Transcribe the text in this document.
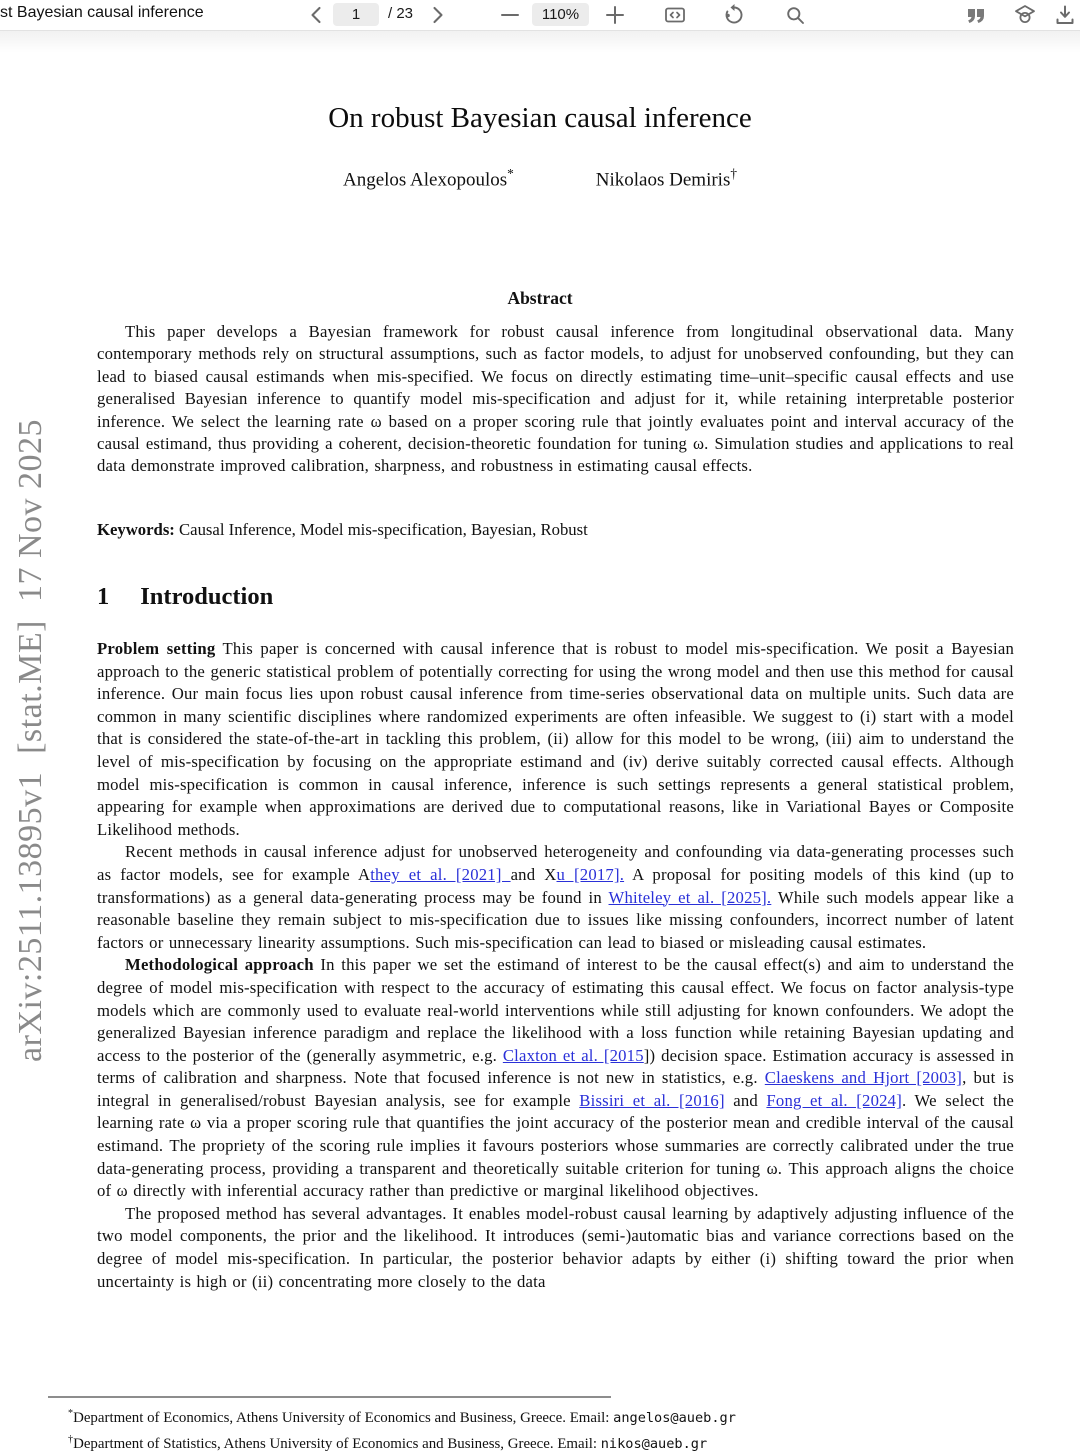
st Bayesian causal inference
1	/ 23	110%
arXiv:2511.13895v1  [stat.ME]  17 Nov 2025
On robust Bayesian causal inference
Angelos Alexopoulos*	Nikolaos Demiris†
Abstract
This paper develops a Bayesian framework for robust causal inference from longitudinal observational data. Many contemporary methods rely on structural assumptions, such as factor models, to adjust for unobserved confounding, but they can lead to biased causal estimands when mis-specified. We focus on directly estimating time–unit–specific causal effects and use generalised Bayesian inference to quantify model mis-specification and adjust for it, while retaining interpretable posterior inference. We select the learning rate ω based on a proper scoring rule that jointly evaluates point and interval accuracy of the causal estimand, thus providing a coherent, decision-theoretic foundation for tuning ω. Simulation studies and applications to real data demonstrate improved calibration, sharpness, and robustness in estimating causal effects.
Keywords: Causal Inference, Model mis-specification, Bayesian, Robust
1 Introduction

Problem setting This paper is concerned with causal inference that is robust to model mis-specification. We posit a Bayesian approach to the generic statistical problem of potentially correcting for using the wrong model and then use this method for causal inference. Our main focus lies upon robust causal inference from time-series observational data on multiple units. Such data are common in many scientific disciplines where randomized experiments are often infeasible. We suggest to (i) start with a model that is considered the state-of-the-art in tackling this problem, (ii) allow for this model to be wrong, (iii) aim to understand the level of mis-specification by focusing on the appropriate estimand and (iv) derive suitably corrected causal effects. Although model mis-specification is common in causal inference, inference is such settings represents a general statistical problem, appearing for example when approximations are derived due to computational reasons, like in Variational Bayes or Composite Likelihood methods.

Recent methods in causal inference adjust for unobserved heterogeneity and confounding via data-generating processes such as factor models, see for example Athey et al. [2021] and Xu [2017]. A proposal for positing models of this kind (up to transformations) as a general data-generating process may be found in Whiteley et al. [2025]. While such models appear like a reasonable baseline they remain subject to mis-specification due to issues like missing confounders, incorrect number of latent factors or unnecessary linearity assumptions. Such mis-specification can lead to biased or misleading causal estimates.

Methodological approach In this paper we set the estimand of interest to be the causal effect(s) and aim to understand the degree of model mis-specification with respect to the accuracy of estimating this causal effect. We focus on factor analysis-type models which are commonly used to evaluate real-world interventions while still adjusting for known confounders. We adopt the generalized Bayesian inference paradigm and replace the likelihood with a loss function while retaining Bayesian updating and access to the posterior of the (generally asymmetric, e.g. Claxton et al. [2015]) decision space. Estimation accuracy is assessed in terms of calibration and sharpness. Note that focused inference is not new in statistics, e.g. Claeskens and Hjort [2003], but is integral in generalised/robust Bayesian analysis, see for example Bissiri et al. [2016] and Fong et al. [2024]. We select the learning rate ω via a proper scoring rule that quantifies the joint accuracy of the posterior mean and credible interval of the causal estimand. The propriety of the scoring rule implies it favours posteriors whose summaries are correctly calibrated under the true data-generating process, providing a transparent and theoretically suitable criterion for tuning ω. This approach aligns the choice of ω directly with inferential accuracy rather than predictive or marginal likelihood objectives.

The proposed method has several advantages. It enables model-robust causal learning by adaptively adjusting influence of the two model components, the prior and the likelihood. It introduces (semi-)automatic bias and variance corrections based on the degree of model mis-specification. In particular, the posterior behavior adapts by either (i) shifting toward the prior when uncertainty is high or (ii) concentrating more closely to the data

*Department of Economics, Athens University of Economics and Business, Greece. Email: angelos@aueb.gr
†Department of Statistics, Athens University of Economics and Business, Greece. Email: nikos@aueb.gr
